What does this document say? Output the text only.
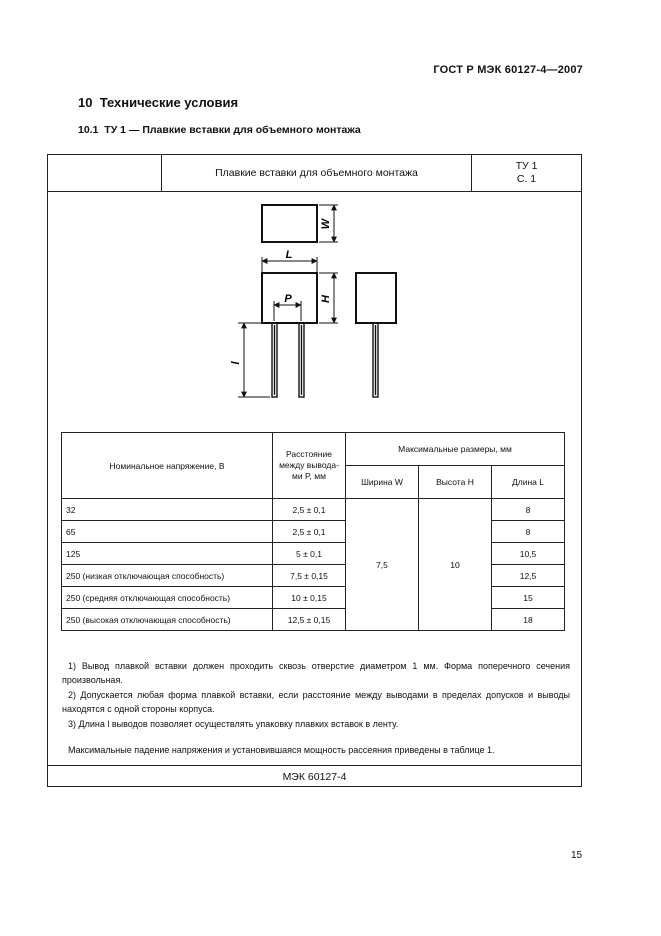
ГОСТ Р МЭК 60127-4—2007
10 Технические условия
10.1 ТУ 1 — Плавкие вставки для объемного монтажа
Плавкие вставки для объемного монтажа
ТУ 1
С. 1
W
L
H
P
l
Номинальное напряжение, В	Расстояние
между вывода-
ми P, мм	Максимальные размеры, мм		
		Ширина W	Высота H	Длина L
32	2,5 ± 0,1	7,5	10	8
65	2,5 ± 0,1			8
125	5 ± 0,1			10,5
250 (низкая отключающая способность)	7,5 ± 0,15			12,5
250 (средняя отключающая способность)	10 ± 0,15			15
250 (высокая отключающая способность)	12,5 ± 0,15			18

1) Вывод плавкой вставки должен проходить сквозь отверстие диаметром 1 мм. Форма поперечного сечения произвольная.

2) Допускается любая форма плавкой вставки, если расстояние между выводами в пределах допусков и выводы находятся с одной стороны корпуса.

3) Длина l выводов позволяет осуществлять упаковку плавких вставок в ленту.

Максимальные падение напряжения и установившаяся мощность рассеяния приведены в таблице 1.

МЭК 60127-4
15
